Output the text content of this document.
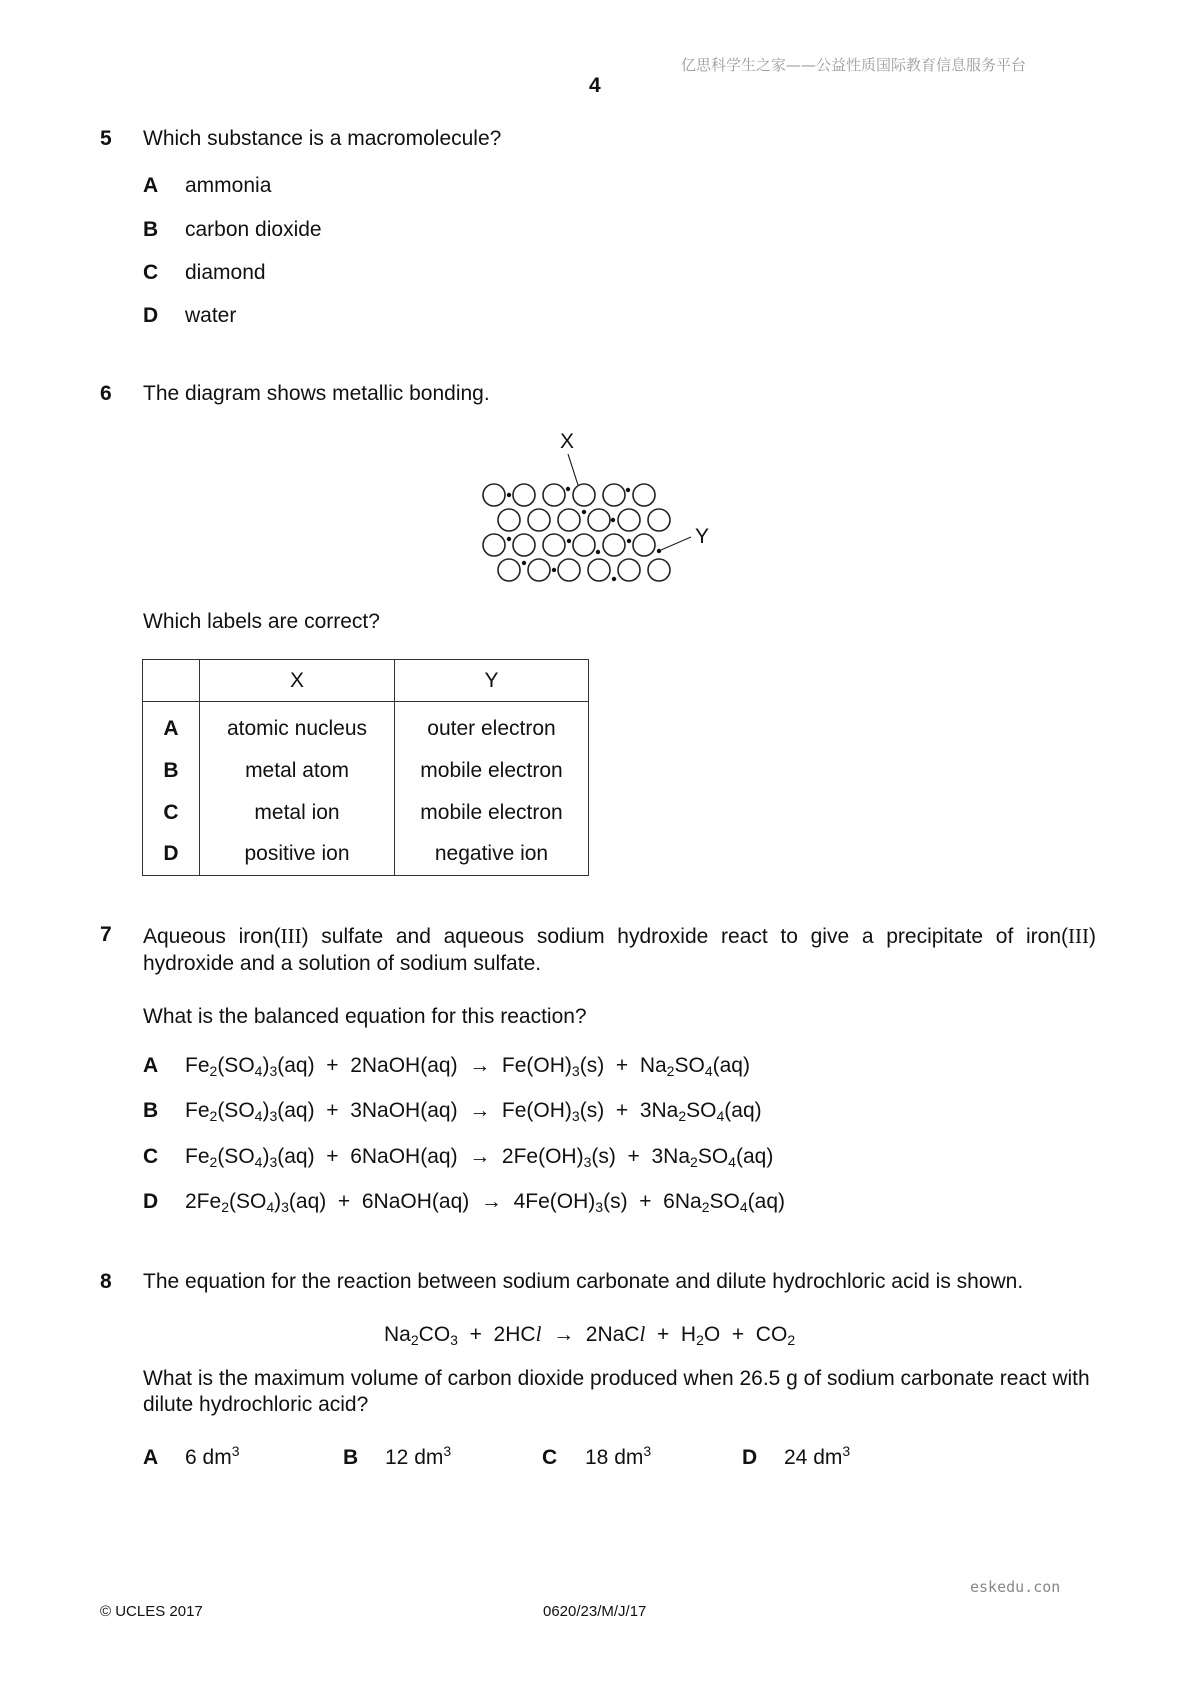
亿思科学生之家——公益性质国际教育信息服务平台
4
5 Which substance is a macromolecule?
A ammonia
B carbon dioxide
C diamond
D water
6 The diagram shows metallic bonding.
X
Y
Which labels are correct?
	X	Y
A	atomic nucleus	outer electron
B	metal atom	mobile electron
C	metal ion	mobile electron
D	positive ion	negative ion
7 Aqueous iron(III) sulfate and aqueous sodium hydroxide react to give a precipitate of iron(III) hydroxide and a solution of sodium sulfate.
What is the balanced equation for this reaction?
A $Fe_2(SO_4)_3(aq)$  +  2NaOH(aq)  →  $Fe(OH)_3(s) + Na_2SO_4(aq)$
B $Fe_2(SO_4)_3(aq)$  +  3NaOH(aq)  →  $Fe(OH)_3(s) + 3Na_2SO_4(aq)$
C $Fe_2(SO_4)_3(aq)$  +  6NaOH(aq)  →  $2Fe(OH)_3(s) + 3Na_2SO_4(aq)$
D $2Fe_2(SO_4)_3(aq)$  +  6NaOH(aq)  →  $4Fe(OH)_3(s) + 6Na_2SO_4(aq)$
8 The equation for the reaction between sodium carbonate and dilute hydrochloric acid is shown.
$Na_2CO_3 + 2HCl$  →  2NaCl  +  $H_2O + CO_2$
What is the maximum volume of carbon dioxide produced when 26.5 g of sodium carbonate react with dilute hydrochloric acid?
A 6 $dm^3$	B 12 $dm^3$	C 18 $dm^3$	D 24 $dm^3$
eskedu.con
© UCLES 2017	0620/23/M/J/17
